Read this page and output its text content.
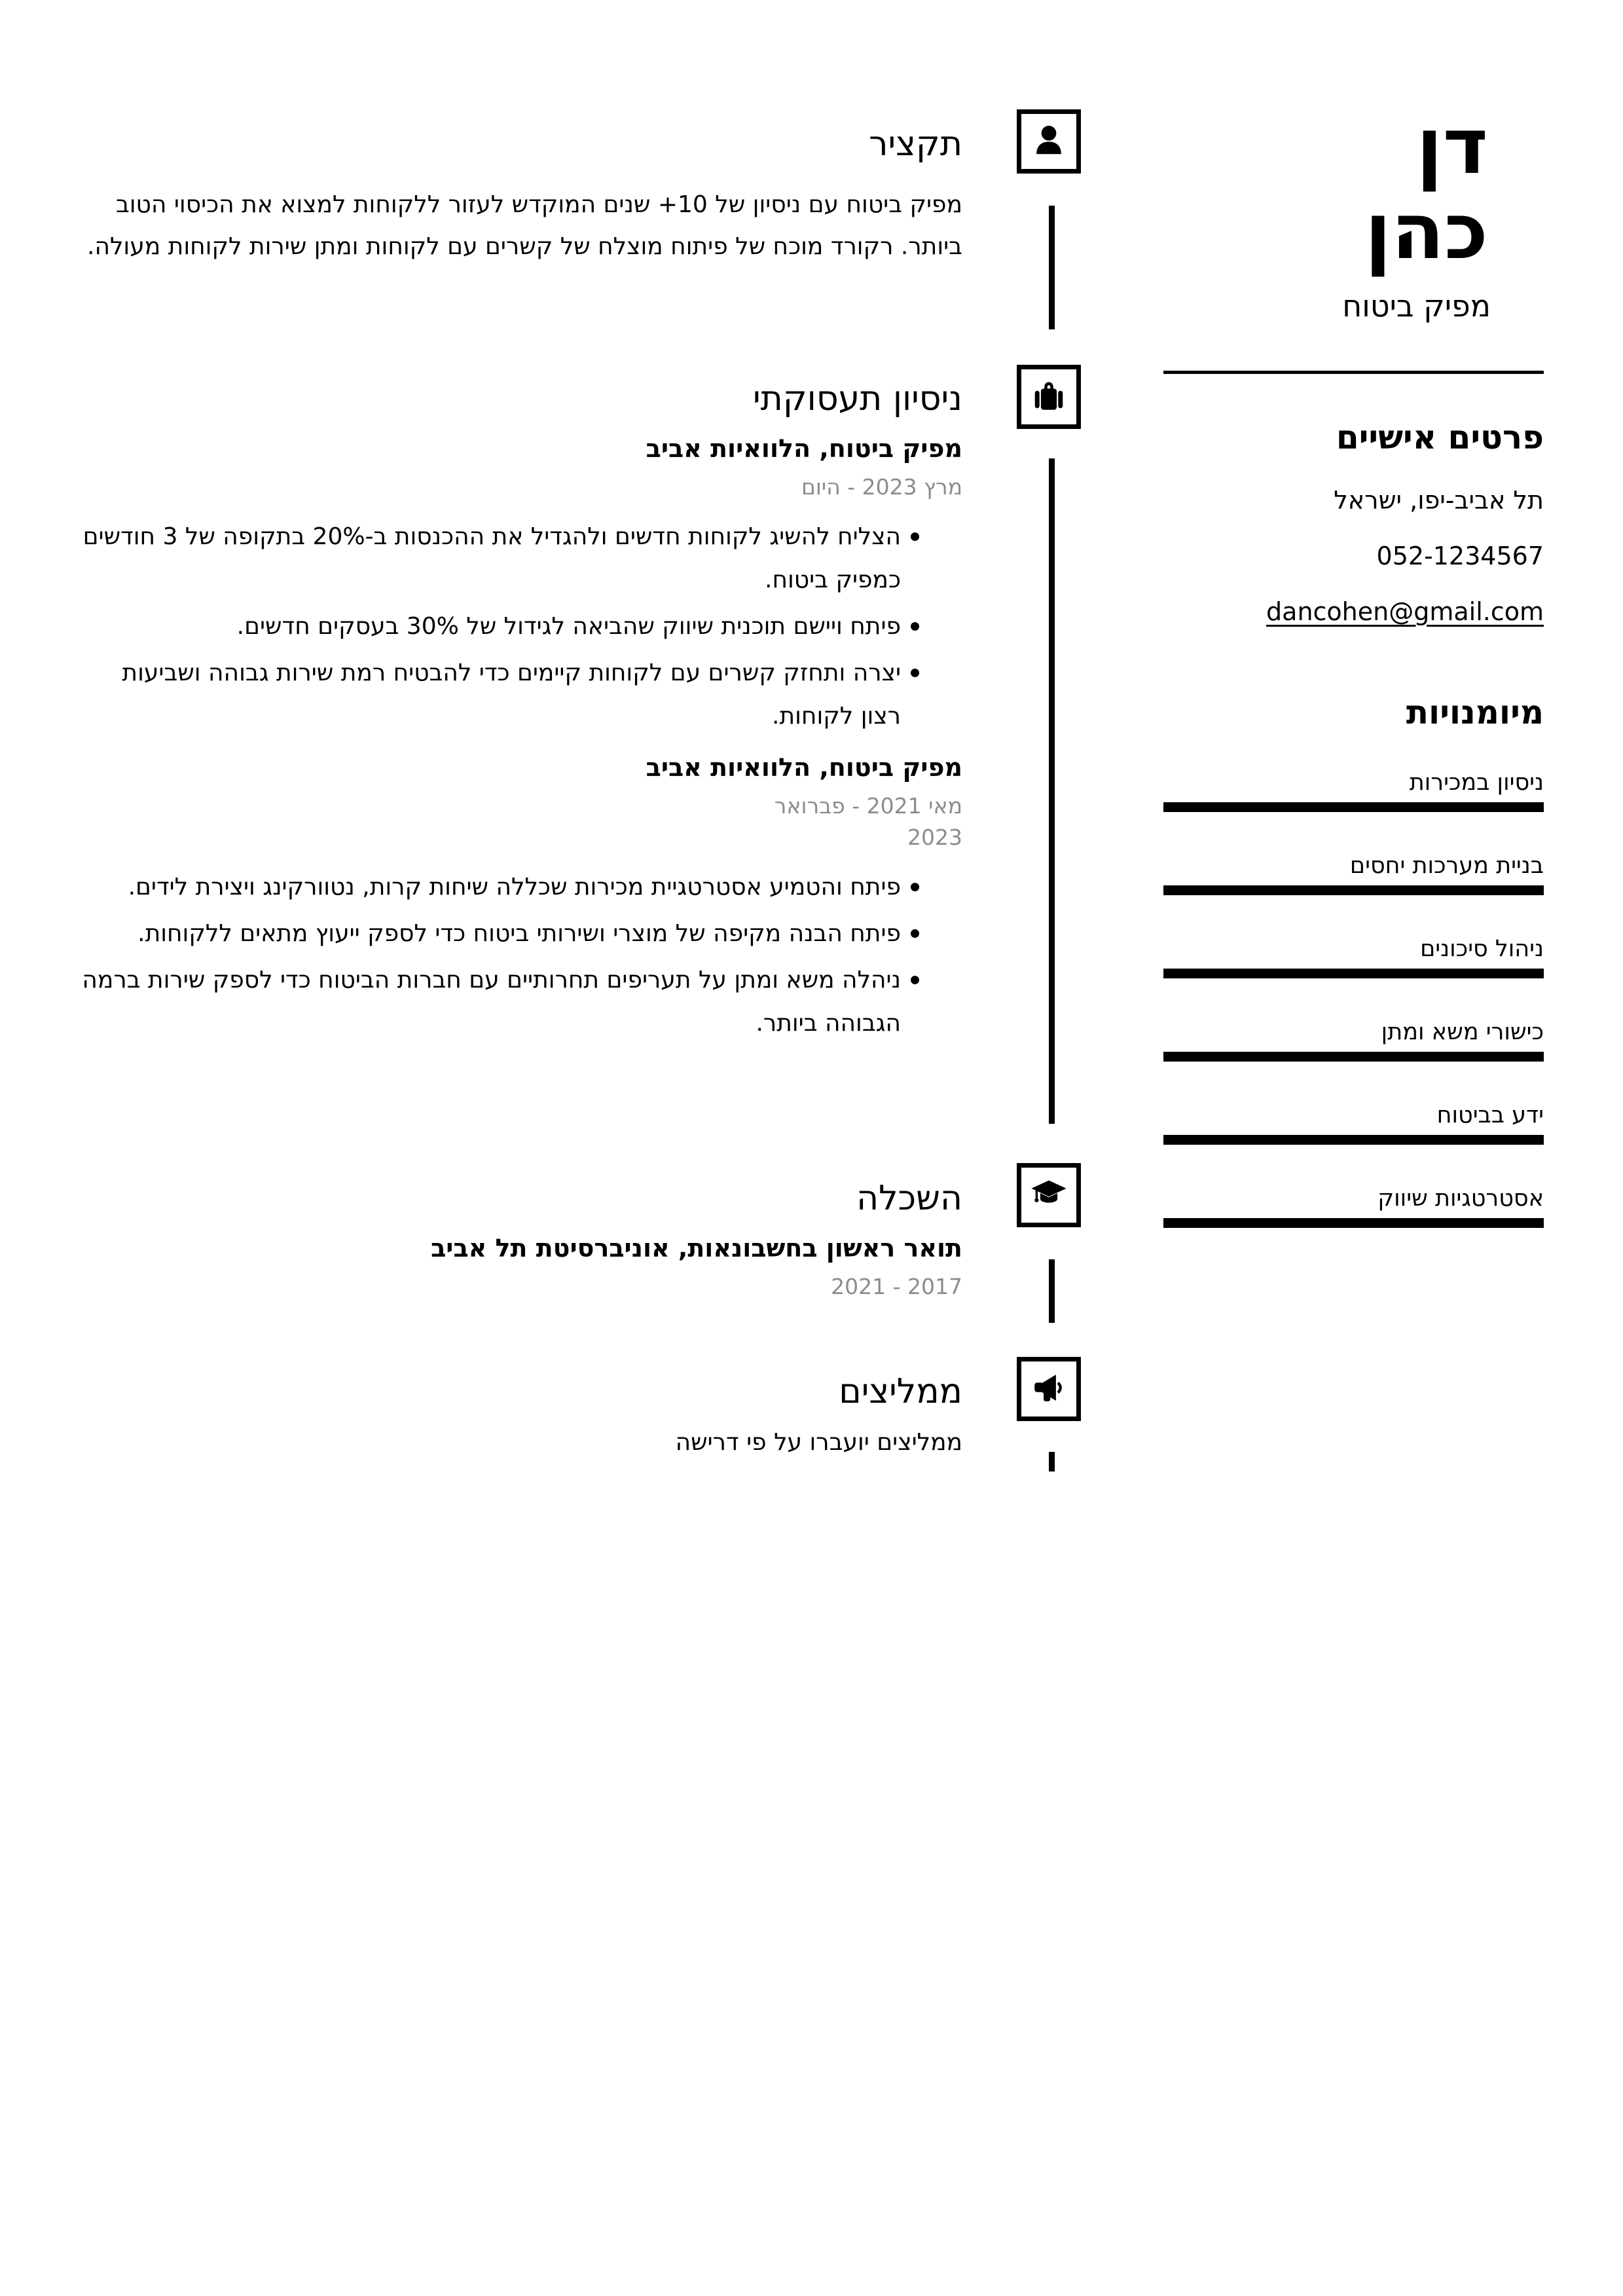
תקציר

מפיק ביטוח עם ניסיון של 10+ שנים המוקדש לעזור ללקוחות למצוא את הכיסוי הטוב ביותר. רקורד מוכח של פיתוח מוצלח של קשרים עם לקוחות ומתן שירות לקוחות מעולה.

ניסיון תעסוקתי
מפיק ביטוח, הלוואיות אביב

מרץ 2023 - היום

הצליח להשיג לקוחות חדשים ולהגדיל את ההכנסות ב-20% בתקופה של 3 חודשים כמפיק ביטוח.
פיתח ויישם תוכנית שיווק שהביאה לגידול של 30% בעסקים חדשים.
יצרה ותחזק קשרים עם לקוחות קיימים כדי להבטיח רמת שירות גבוהה ושביעות רצון לקוחות.
מפיק ביטוח, הלוואיות אביב

מאי 2021 - פברואר 2023

פיתח והטמיע אסטרטגיית מכירות שכללה שיחות קרות, נטוורקינג ויצירת לידים.
פיתח הבנה מקיפה של מוצרי ושירותי ביטוח כדי לספק ייעוץ מתאים ללקוחות.
ניהלה משא ומתן על תעריפים תחרותיים עם חברות הביטוח כדי לספק שירות ברמה הגבוהה ביותר.
השכלה
תואר ראשון בחשבונאות, אוניברסיטת תל אביב

2017 - 2021

ממליצים

ממליצים יועברו על פי דרישה

דן כהן

מפיק ביטוח

פרטים אישיים

תל אביב-יפו, ישראל

052-1234567

dancohen@gmail.com

מיומנויות

ניסיון במכירות

בניית מערכות יחסים

ניהול סיכונים

כישורי משא ומתן

ידע בביטוח

אסטרטגיות שיווק
